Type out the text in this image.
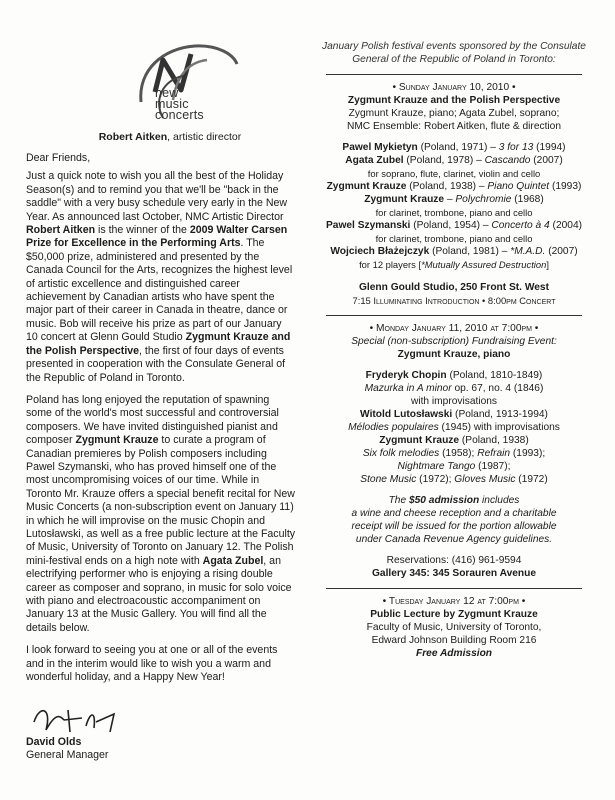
new
music
concerts
Robert Aitken, artistic director

Dear Friends,

Just a quick note to wish you all the best of the Holiday Season(s) and to remind you that we'll be "back in the saddle" with a very busy schedule very early in the New Year. As announced last October, NMC Artistic Director Robert Aitken is the winner of the 2009 Walter Carsen Prize for Excellence in the Performing Arts. The $50,000 prize, administered and presented by the Canada Council for the Arts, recognizes the highest level of artistic excellence and distinguished career achievement by Canadian artists who have spent the major part of their career in Canada in theatre, dance or music. Bob will receive his prize as part of our January 10 concert at Glenn Gould Studio Zygmunt Krauze and the Polish Perspective, the first of four days of events presented in cooperation with the Consulate General of the Republic of Poland in Toronto.

Poland has long enjoyed the reputation of spawning some of the world's most successful and controversial composers. We have invited distinguished pianist and composer Zygmunt Krauze to curate a program of Canadian premieres by Polish composers including Pawel Szymanski, who has proved himself one of the most uncompromising voices of our time. While in Toronto Mr. Krauze offers a special benefit recital for New Music Concerts (a non-subscription event on January 11) in which he will improvise on the music Chopin and Lutosławski, as well as a free public lecture at the Faculty of Music, University of Toronto on January 12. The Polish mini-festival ends on a high note with Agata Zubel, an electrifying performer who is enjoying a rising double career as composer and soprano, in music for solo voice with piano and electroacoustic accompaniment on January 13 at the Music Gallery. You will find all the details below.

I look forward to seeing you at one or all of the events and in the interim would like to wish you a warm and wonderful holiday, and a Happy New Year!

David Olds
General Manager
January Polish festival events sponsored by the Consulate General of the Republic of Poland in Toronto:
• Sunday January 10, 2010 •
Zygmunt Krauze and the Polish Perspective
Zygmunt Krauze, piano; Agata Zubel, soprano;
NMC Ensemble: Robert Aitken, flute & direction
Pawel Mykietyn (Poland, 1971) – 3 for 13 (1994)
Agata Zubel (Poland, 1978) – Cascando (2007)
for soprano, flute, clarinet, violin and cello
Zygmunt Krauze (Poland, 1938) – Piano Quintet (1993)
Zygmunt Krauze – Polychromie (1968)
for clarinet, trombone, piano and cello
Pawel Szymanski (Poland, 1954) – Concerto à 4 (2004)
for clarinet, trombone, piano and cello
Wojciech Błażejczyk (Poland, 1981) – *M.A.D. (2007)
for 12 players [*Mutually Assured Destruction]
Glenn Gould Studio, 250 Front St. West
7:15 Illuminating Introduction • 8:00pm Concert
• Monday January 11, 2010 at 7:00pm •
Special (non-subscription) Fundraising Event:
Zygmunt Krauze, piano
Fryderyk Chopin (Poland, 1810-1849)
Mazurka in A minor op. 67, no. 4 (1846)
with improvisations
Witold Lutosławski (Poland, 1913-1994)
Mélodies populaires (1945) with improvisations
Zygmunt Krauze (Poland, 1938)
Six folk melodies (1958); Refrain (1993);
Nightmare Tango (1987);
Stone Music (1972); Gloves Music (1972)
The $50 admission includes
a wine and cheese reception and a charitable
receipt will be issued for the portion allowable
under Canada Revenue Agency guidelines.
Reservations: (416) 961-9594
Gallery 345: 345 Sorauren Avenue
• Tuesday January 12 at 7:00pm •
Public Lecture by Zygmunt Krauze
Faculty of Music, University of Toronto,
Edward Johnson Building Room 216
Free Admission
